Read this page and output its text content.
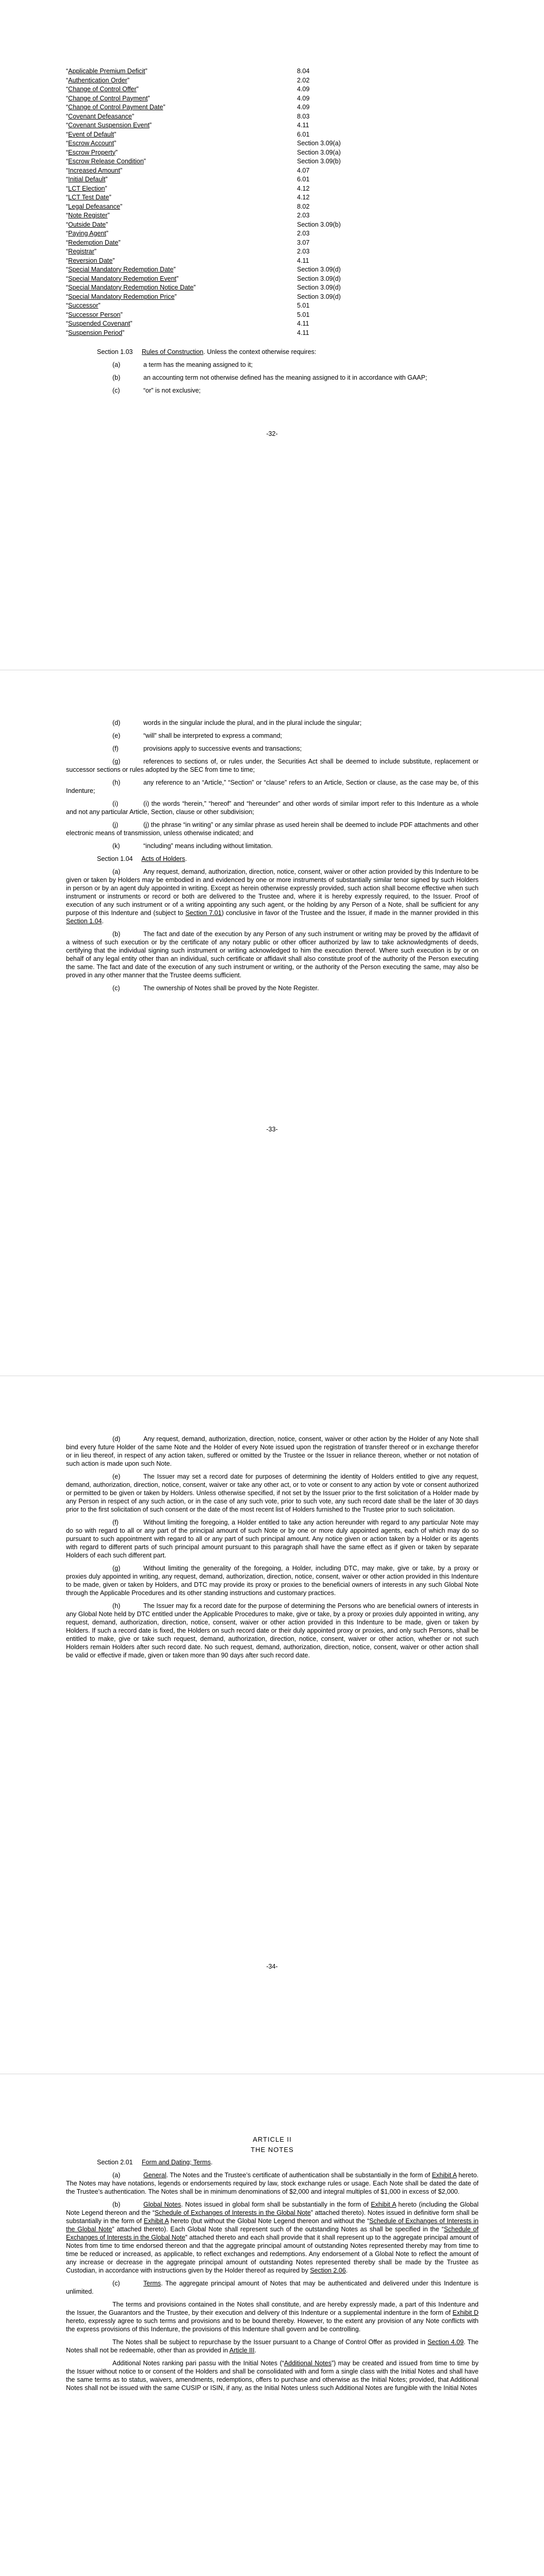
“Applicable Premium Deficit”	8.04
“Authentication Order”	2.02
“Change of Control Offer”	4.09
“Change of Control Payment”	4.09
“Change of Control Payment Date”	4.09
“Covenant Defeasance”	8.03
“Covenant Suspension Event”	4.11
“Event of Default”	6.01
“Escrow Account”	Section 3.09(a)
“Escrow Property”	Section 3.09(a)
“Escrow Release Condition”	Section 3.09(b)
“Increased Amount”	4.07
“Initial Default”	6.01
“LCT Election”	4.12
“LCT Test Date”	4.12
“Legal Defeasance”	8.02
“Note Register”	2.03
“Outside Date”	Section 3.09(b)
“Paying Agent”	2.03
“Redemption Date”	3.07
“Registrar”	2.03
“Reversion Date”	4.11
“Special Mandatory Redemption Date”	Section 3.09(d)
“Special Mandatory Redemption Event”	Section 3.09(d)
“Special Mandatory Redemption Notice Date”	Section 3.09(d)
“Special Mandatory Redemption Price”	Section 3.09(d)
“Successor”	5.01
“Successor Person”	5.01
“Suspended Covenant”	4.11
“Suspension Period”	4.11

Section 1.03 Rules of Construction. Unless the context otherwise requires:

(a)	a term has the meaning assigned to it;

(b)	an accounting term not otherwise defined has the meaning assigned to it in accordance with GAAP;

(c)	“or” is not exclusive;

-32-

(d)	words in the singular include the plural, and in the plural include the singular;

(e)	“will” shall be interpreted to express a command;

(f)	provisions apply to successive events and transactions;

(g)	references to sections of, or rules under, the Securities Act shall be deemed to include substitute, replacement or successor sections or rules adopted by the SEC from time to time;

(h)	any reference to an “Article,” “Section” or “clause” refers to an Article, Section or clause, as the case may be, of this Indenture;

(i)	(i) the words “herein,” “hereof” and “hereunder” and other words of similar import refer to this Indenture as a whole and not any particular Article, Section, clause or other subdivision;

(j)	(j) the phrase “in writing” or any similar phrase as used herein shall be deemed to include PDF attachments and other electronic means of transmission, unless otherwise indicated; and

(k)	“including” means including without limitation.

Section 1.04 Acts of Holders.

(a)	Any request, demand, authorization, direction, notice, consent, waiver or other action provided by this Indenture to be given or taken by Holders may be embodied in and evidenced by one or more instruments of substantially similar tenor signed by such Holders in person or by an agent duly appointed in writing. Except as herein otherwise expressly provided, such action shall become effective when such instrument or instruments or record or both are delivered to the Trustee and, where it is hereby expressly required, to the Issuer. Proof of execution of any such instrument or of a writing appointing any such agent, or the holding by any Person of a Note, shall be sufficient for any purpose of this Indenture and (subject to Section 7.01) conclusive in favor of the Trustee and the Issuer, if made in the manner provided in this Section 1.04.

(b)	The fact and date of the execution by any Person of any such instrument or writing may be proved by the affidavit of a witness of such execution or by the certificate of any notary public or other officer authorized by law to take acknowledgments of deeds, certifying that the individual signing such instrument or writing acknowledged to him the execution thereof. Where such execution is by or on behalf of any legal entity other than an individual, such certificate or affidavit shall also constitute proof of the authority of the Person executing the same. The fact and date of the execution of any such instrument or writing, or the authority of the Person executing the same, may also be proved in any other manner that the Trustee deems sufficient.

(c)	The ownership of Notes shall be proved by the Note Register.

-33-

(d)	Any request, demand, authorization, direction, notice, consent, waiver or other action by the Holder of any Note shall bind every future Holder of the same Note and the Holder of every Note issued upon the registration of transfer thereof or in exchange therefor or in lieu thereof, in respect of any action taken, suffered or omitted by the Trustee or the Issuer in reliance thereon, whether or not notation of such action is made upon such Note.

(e)	The Issuer may set a record date for purposes of determining the identity of Holders entitled to give any request, demand, authorization, direction, notice, consent, waiver or take any other act, or to vote or consent to any action by vote or consent authorized or permitted to be given or taken by Holders. Unless otherwise specified, if not set by the Issuer prior to the first solicitation of a Holder made by any Person in respect of any such action, or in the case of any such vote, prior to such vote, any such record date shall be the later of 30 days prior to the first solicitation of such consent or the date of the most recent list of Holders furnished to the Trustee prior to such solicitation.

(f)	Without limiting the foregoing, a Holder entitled to take any action hereunder with regard to any particular Note may do so with regard to all or any part of the principal amount of such Note or by one or more duly appointed agents, each of which may do so pursuant to such appointment with regard to all or any part of such principal amount. Any notice given or action taken by a Holder or its agents with regard to different parts of such principal amount pursuant to this paragraph shall have the same effect as if given or taken by separate Holders of each such different part.

(g)	Without limiting the generality of the foregoing, a Holder, including DTC, may make, give or take, by a proxy or proxies duly appointed in writing, any request, demand, authorization, direction, notice, consent, waiver or other action provided in this Indenture to be made, given or taken by Holders, and DTC may provide its proxy or proxies to the beneficial owners of interests in any such Global Note through the Applicable Procedures and its other standing instructions and customary practices.

(h)	The Issuer may fix a record date for the purpose of determining the Persons who are beneficial owners of interests in any Global Note held by DTC entitled under the Applicable Procedures to make, give or take, by a proxy or proxies duly appointed in writing, any request, demand, authorization, direction, notice, consent, waiver or other action provided in this Indenture to be made, given or taken by Holders. If such a record date is fixed, the Holders on such record date or their duly appointed proxy or proxies, and only such Persons, shall be entitled to make, give or take such request, demand, authorization, direction, notice, consent, waiver or other action, whether or not such Holders remain Holders after such record date. No such request, demand, authorization, direction, notice, consent, waiver or other action shall be valid or effective if made, given or taken more than 90 days after such record date.

-34-

ARTICLE II

THE NOTES

Section 2.01 Form and Dating; Terms.

(a)	General. The Notes and the Trustee’s certificate of authentication shall be substantially in the form of Exhibit A hereto. The Notes may have notations, legends or endorsements required by law, stock exchange rules or usage. Each Note shall be dated the date of the Trustee’s authentication. The Notes shall be in minimum denominations of $2,000 and integral multiples of $1,000 in excess of $2,000.

(b)	Global Notes. Notes issued in global form shall be substantially in the form of Exhibit A hereto (including the Global Note Legend thereon and the “Schedule of Exchanges of Interests in the Global Note” attached thereto). Notes issued in definitive form shall be substantially in the form of Exhibit A hereto (but without the Global Note Legend thereon and without the “Schedule of Exchanges of Interests in the Global Note” attached thereto). Each Global Note shall represent such of the outstanding Notes as shall be specified in the “Schedule of Exchanges of Interests in the Global Note” attached thereto and each shall provide that it shall represent up to the aggregate principal amount of Notes from time to time endorsed thereon and that the aggregate principal amount of outstanding Notes represented thereby may from time to time be reduced or increased, as applicable, to reflect exchanges and redemptions. Any endorsement of a Global Note to reflect the amount of any increase or decrease in the aggregate principal amount of outstanding Notes represented thereby shall be made by the Trustee as Custodian, in accordance with instructions given by the Holder thereof as required by Section 2.06.

(c)	Terms. The aggregate principal amount of Notes that may be authenticated and delivered under this Indenture is unlimited.

The terms and provisions contained in the Notes shall constitute, and are hereby expressly made, a part of this Indenture and the Issuer, the Guarantors and the Trustee, by their execution and delivery of this Indenture or a supplemental indenture in the form of Exhibit D hereto, expressly agree to such terms and provisions and to be bound thereby. However, to the extent any provision of any Note conflicts with the express provisions of this Indenture, the provisions of this Indenture shall govern and be controlling.

The Notes shall be subject to repurchase by the Issuer pursuant to a Change of Control Offer as provided in Section 4.09. The Notes shall not be redeemable, other than as provided in Article III.

Additional Notes ranking pari passu with the Initial Notes (“Additional Notes”) may be created and issued from time to time by the Issuer without notice to or consent of the Holders and shall be consolidated with and form a single class with the Initial Notes and shall have the same terms as to status, waivers, amendments, redemptions, offers to purchase and otherwise as the Initial Notes; provided, that Additional Notes shall not be issued with the same CUSIP or ISIN, if any, as the Initial Notes unless such Additional Notes are fungible with the Initial Notes
